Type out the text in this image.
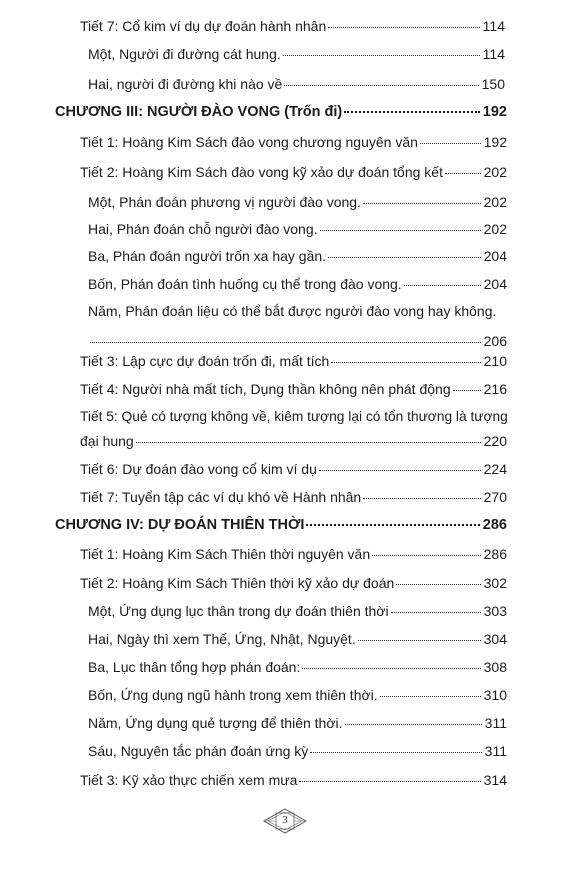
Tiết 7: Cổ kim ví dụ dự đoán hành nhân	114
Một, Người đi đường cát hung.	114
Hai, người đi đường khi nào về	150
CHƯƠNG III: NGƯỜI ĐÀO VONG (Trốn đi)	192
Tiết 1: Hoàng Kim Sách đào vong chương nguyên văn	192
Tiết 2: Hoàng Kim Sách đào vong kỹ xảo dự đoán tổng kết	202
Một, Phán đoán phương vị người đào vong.	202
Hai, Phán đoán chỗ người đào vong.	202
Ba, Phán đoán người trốn xa hay gần.	204
Bốn, Phán đoán tình huống cụ thể trong đào vong.	204
Năm, Phán đoán liệu có thể bắt được người đào vong hay không.
206
Tiết 3: Lập cực dự đoán trốn đi, mất tích	210
Tiết 4: Người nhà mất tích, Dụng thần không nên phát động 216
Tiết 5: Quẻ có tượng không về, kiêm tượng lại có tổn thương là tượng
đại hung	220
Tiết 6: Dự đoán đào vong cổ kim ví dụ	224
Tiết 7: Tuyển tập các ví dụ khó về Hành nhân	270
CHƯƠNG IV: DỰ ĐOÁN THIÊN THỜI	286
Tiết 1: Hoàng Kim Sách Thiên thời nguyên văn	286
Tiết 2: Hoàng Kim Sách Thiên thời kỹ xảo dự đoán	302
Một, Ứng dụng lục thân trong dự đoán thiên thời	303
Hai, Ngày thì xem Thế, Ứng, Nhật, Nguyệt.	304
Ba, Lục thân tổng hợp phán đoán:	308
Bốn, Ứng dụng ngũ hành trong xem thiên thời.	310
Năm, Ứng dụng quẻ tượng để thiên thời.	311
Sáu, Nguyên tắc phán đoán ứng kỳ	311
Tiết 3: Kỹ xảo thực chiến xem mưa	314
3
